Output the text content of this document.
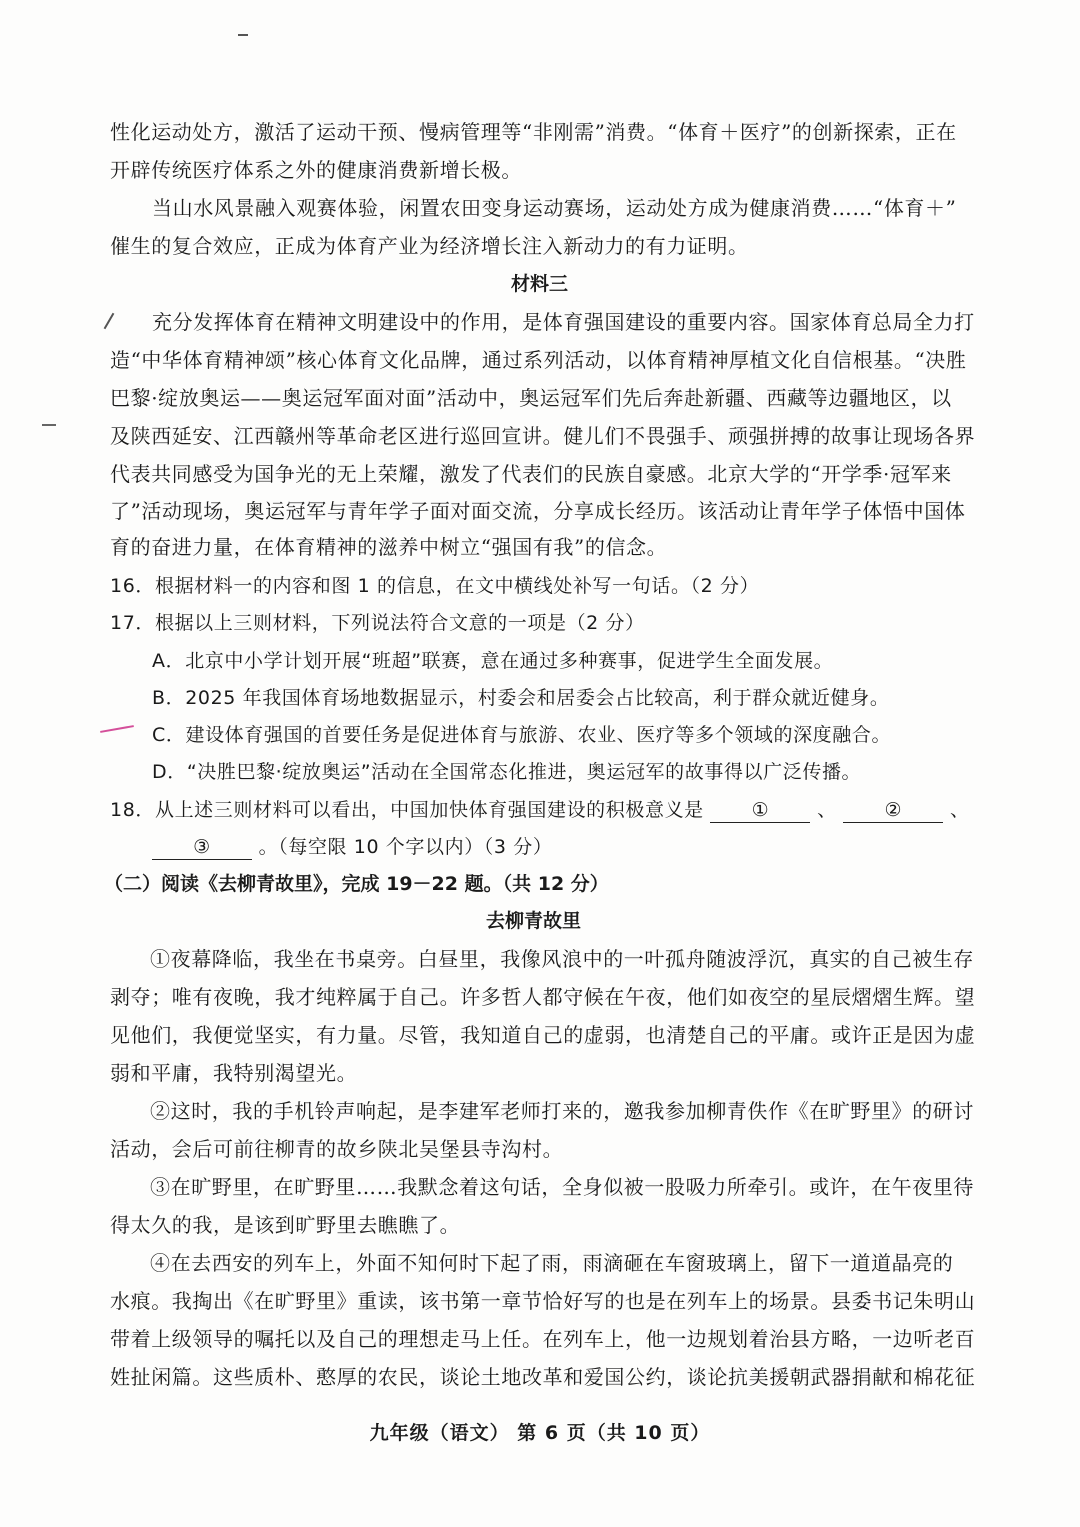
性化运动处方，激活了运动干预、慢病管理等“非刚需”消费。“体育＋医疗”的创新探索，正在
开辟传统医疗体系之外的健康消费新增长极。
当山水风景融入观赛体验，闲置农田变身运动赛场，运动处方成为健康消费……“体育＋”
催生的复合效应，正成为体育产业为经济增长注入新动力的有力证明。
材料三
充分发挥体育在精神文明建设中的作用，是体育强国建设的重要内容。国家体育总局全力打
造“中华体育精神颂”核心体育文化品牌，通过系列活动，以体育精神厚植文化自信根基。“决胜
巴黎·绽放奥运——奥运冠军面对面”活动中，奥运冠军们先后奔赴新疆、西藏等边疆地区，以
及陕西延安、江西赣州等革命老区进行巡回宣讲。健儿们不畏强手、顽强拼搏的故事让现场各界
代表共同感受为国争光的无上荣耀，激发了代表们的民族自豪感。北京大学的“开学季·冠军来
了”活动现场，奥运冠军与青年学子面对面交流，分享成长经历。该活动让青年学子体悟中国体
育的奋进力量，在体育精神的滋养中树立“强国有我”的信念。
16．根据材料一的内容和图 1 的信息，在文中横线处补写一句话。（2 分）
17．根据以上三则材料，下列说法符合文意的一项是（2 分）
A．北京中小学计划开展“班超”联赛，意在通过多种赛事，促进学生全面发展。
B．2025 年我国体育场地数据显示，村委会和居委会占比较高，利于群众就近健身。
C．建设体育强国的首要任务是促进体育与旅游、农业、医疗等多个领域的深度融合。
D．“决胜巴黎·绽放奥运”活动在全国常态化推进，奥运冠军的故事得以广泛传播。
18．从上述三则材料可以看出，中国加快体育强国建设的积极意义是	①	、	②	、
③	。（每空限 10 个字以内）（3 分）
（二）阅读《去柳青故里》，完成 19－22 题。（共 12 分）
去柳青故里
①夜幕降临，我坐在书桌旁。白昼里，我像风浪中的一叶孤舟随波浮沉，真实的自己被生存
剥夺；唯有夜晚，我才纯粹属于自己。许多哲人都守候在午夜，他们如夜空的星辰熠熠生辉。望
见他们，我便觉坚实，有力量。尽管，我知道自己的虚弱，也清楚自己的平庸。或许正是因为虚
弱和平庸，我特别渴望光。
②这时，我的手机铃声响起，是李建军老师打来的，邀我参加柳青佚作《在旷野里》的研讨
活动，会后可前往柳青的故乡陕北吴堡县寺沟村。
③在旷野里，在旷野里……我默念着这句话，全身似被一股吸力所牵引。或许，在午夜里待
得太久的我，是该到旷野里去瞧瞧了。
④在去西安的列车上，外面不知何时下起了雨，雨滴砸在车窗玻璃上，留下一道道晶亮的
水痕。我掏出《在旷野里》重读，该书第一章节恰好写的也是在列车上的场景。县委书记朱明山
带着上级领导的嘱托以及自己的理想走马上任。在列车上，他一边规划着治县方略，一边听老百
姓扯闲篇。这些质朴、憨厚的农民，谈论土地改革和爱国公约，谈论抗美援朝武器捐献和棉花征
九年级（语文） 第 6 页（共 10 页）
